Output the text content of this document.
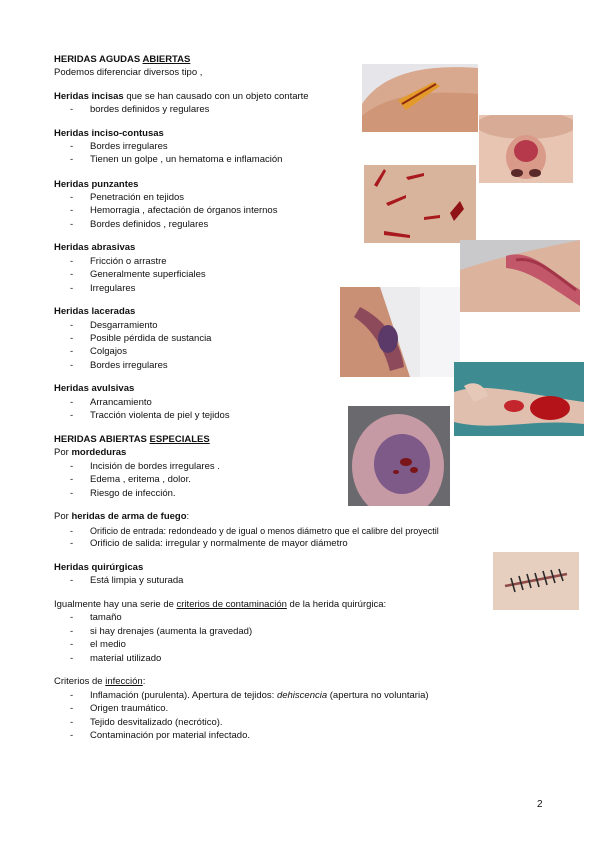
HERIDAS AGUDAS ABIERTAS
Podemos diferenciar diversos tipo ,
Heridas incisas que se han causado con un objeto contarte
- bordes definidos y regulares
Heridas inciso-contusas
- Bordes irregulares
- Tienen un golpe , un hematoma e inflamación
Heridas punzantes
- Penetración en tejidos
- Hemorragia , afectación de órganos internos
- Bordes definidos , regulares
Heridas abrasivas
- Fricción o arrastre
- Generalmente superficiales
- Irregulares
Heridas laceradas
- Desgarramiento
- Posible pérdida de sustancia
- Colgajos
- Bordes irregulares
Heridas avulsivas
- Arrancamiento
- Tracción violenta de piel y tejidos
HERIDAS ABIERTAS ESPECIALES
Por mordeduras
- Incisión de bordes irregulares .
- Edema , eritema , dolor.
- Riesgo de infección.
Por heridas de arma de fuego:
- Orificio de entrada: redondeado y de igual o menos diámetro que el calibre del proyectil
- Orificio de salida: irregular y normalmente de mayor diámetro
Heridas quirúrgicas
- Está limpia y suturada
Igualmente hay una serie de criterios de contaminación de la herida quirúrgica:
- tamaño
- si hay drenajes (aumenta la gravedad)
- el medio
- material utilizado
Criterios de infección:
- Inflamación (purulenta). Apertura de tejidos: dehiscencia (apertura no voluntaria)
- Origen traumático.
- Tejido desvitalizado (necrótico).
- Contaminación por material infectado.
2
